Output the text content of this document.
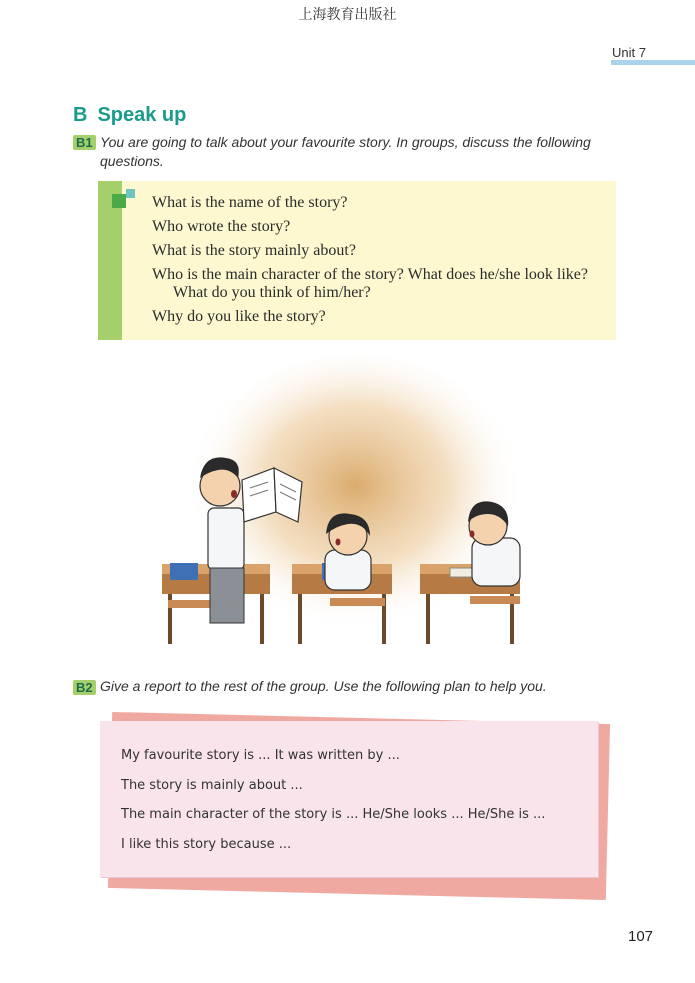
上海教育出版社
Unit 7
B Speak up
B1 You are going to talk about your favourite story. In groups, discuss the following questions.
What is the name of the story?
Who wrote the story?
What is the story mainly about?
Who is the main character of the story? What does he/she look like? What do you think of him/her?
Why do you like the story?
B2 Give a report to the rest of the group. Use the following plan to help you.
My favourite story is ... It was written by ...
The story is mainly about ...
The main character of the story is ... He/She looks ... He/She is ...
I like this story because ...
107
